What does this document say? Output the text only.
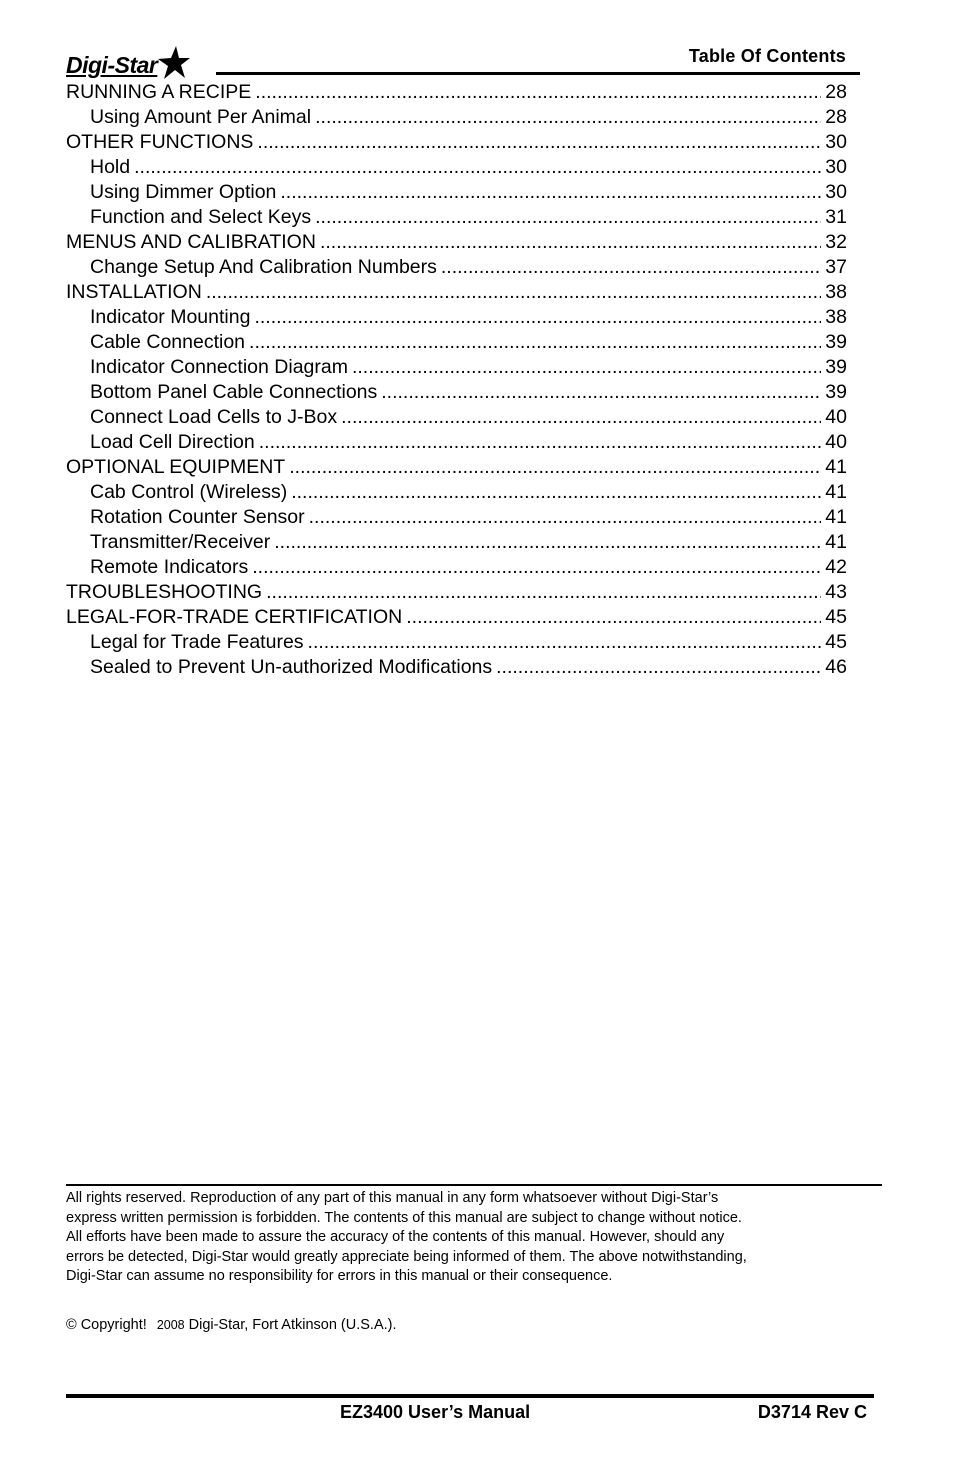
Digi-Star	Table Of Contents
RUNNING A RECIPE .....	28
Using Amount Per Animal .....	28
OTHER FUNCTIONS .....	30
Hold .....	30
Using Dimmer Option .....	30
Function and Select Keys .....	31
MENUS AND CALIBRATION .....	32
Change Setup And Calibration Numbers .....	37
INSTALLATION .....	38
Indicator Mounting .....	38
Cable Connection .....	39
Indicator Connection Diagram .....	39
Bottom Panel Cable Connections .....	39
Connect Load Cells to J-Box .....	40
Load Cell Direction .....	40
OPTIONAL EQUIPMENT .....	41
Cab Control (Wireless) .....	41
Rotation Counter Sensor .....	41
Transmitter/Receiver .....	41
Remote Indicators .....	42
TROUBLESHOOTING .....	43
LEGAL-FOR-TRADE CERTIFICATION .....	45
Legal for Trade Features .....	45
Sealed to Prevent Un-authorized Modifications .....	46
All rights reserved. Reproduction of any part of this manual in any form whatsoever without Digi-Star’s
express written permission is forbidden. The contents of this manual are subject to change without notice.
All efforts have been made to assure the accuracy of the contents of this manual. However, should any
errors be detected, Digi-Star would greatly appreciate being informed of them. The above notwithstanding,
Digi-Star can assume no responsibility for errors in this manual or their consequence.
© Copyright! 2008 Digi-Star, Fort Atkinson (U.S.A.).
EZ3400 User’s Manual	D3714 Rev C
